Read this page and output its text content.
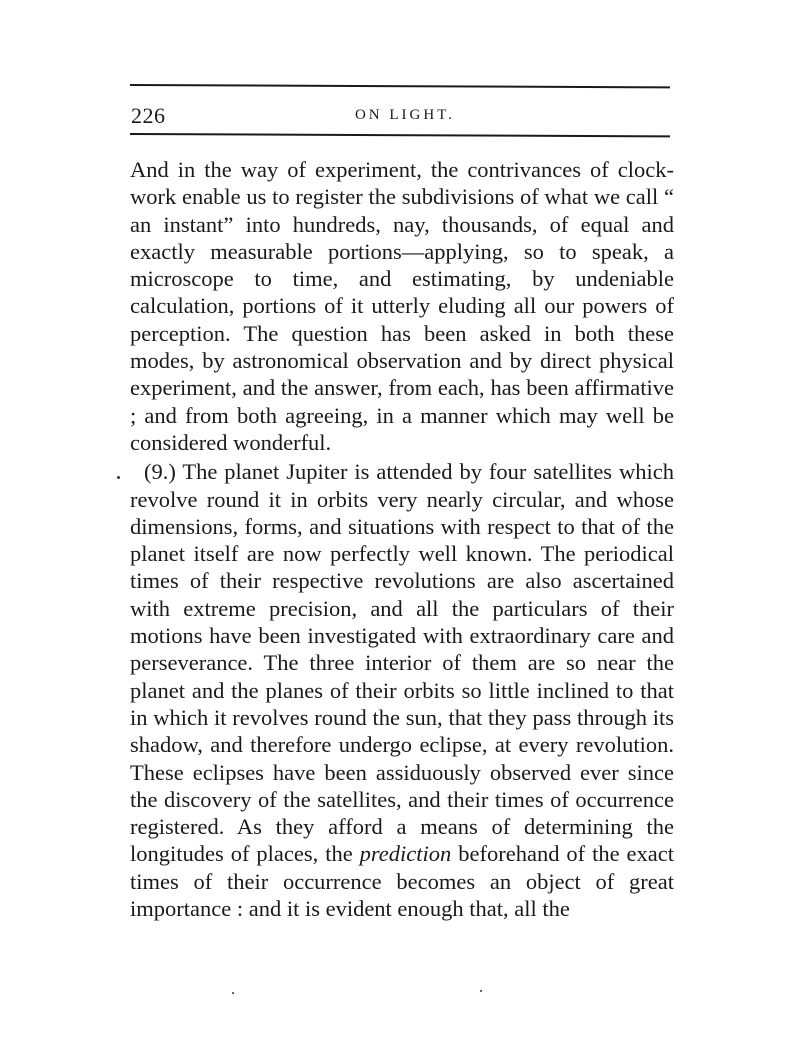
226	ON LIGHT.

And in the way of experiment, the contrivances of clock-work enable us to register the subdivisions of what we call “ an instant” into hundreds, nay, thousands, of equal and exactly measurable portions—applying, so to speak, a microscope to time, and estimating, by undeniable calculation, portions of it utterly eluding all our powers of perception. The question has been asked in both these modes, by astronomical observation and by direct physical experiment, and the answer, from each, has been affirmative ; and from both agreeing, in a manner which may well be considered wonderful.

(9.) The planet Jupiter is attended by four satellites which revolve round it in orbits very nearly circular, and whose dimensions, forms, and situations with respect to that of the planet itself are now perfectly well known. The periodical times of their respective revolutions are also ascertained with extreme precision, and all the particulars of their motions have been investigated with extraordinary care and perseverance. The three interior of them are so near the planet and the planes of their orbits so little inclined to that in which it revolves round the sun, that they pass through its shadow, and therefore undergo eclipse, at every revolution. These eclipses have been assiduously observed ever since the discovery of the satellites, and their times of occurrence registered. As they afford a means of determining the longitudes of places, the prediction beforehand of the exact times of their occurrence becomes an object of great importance : and it is evident enough that, all the
